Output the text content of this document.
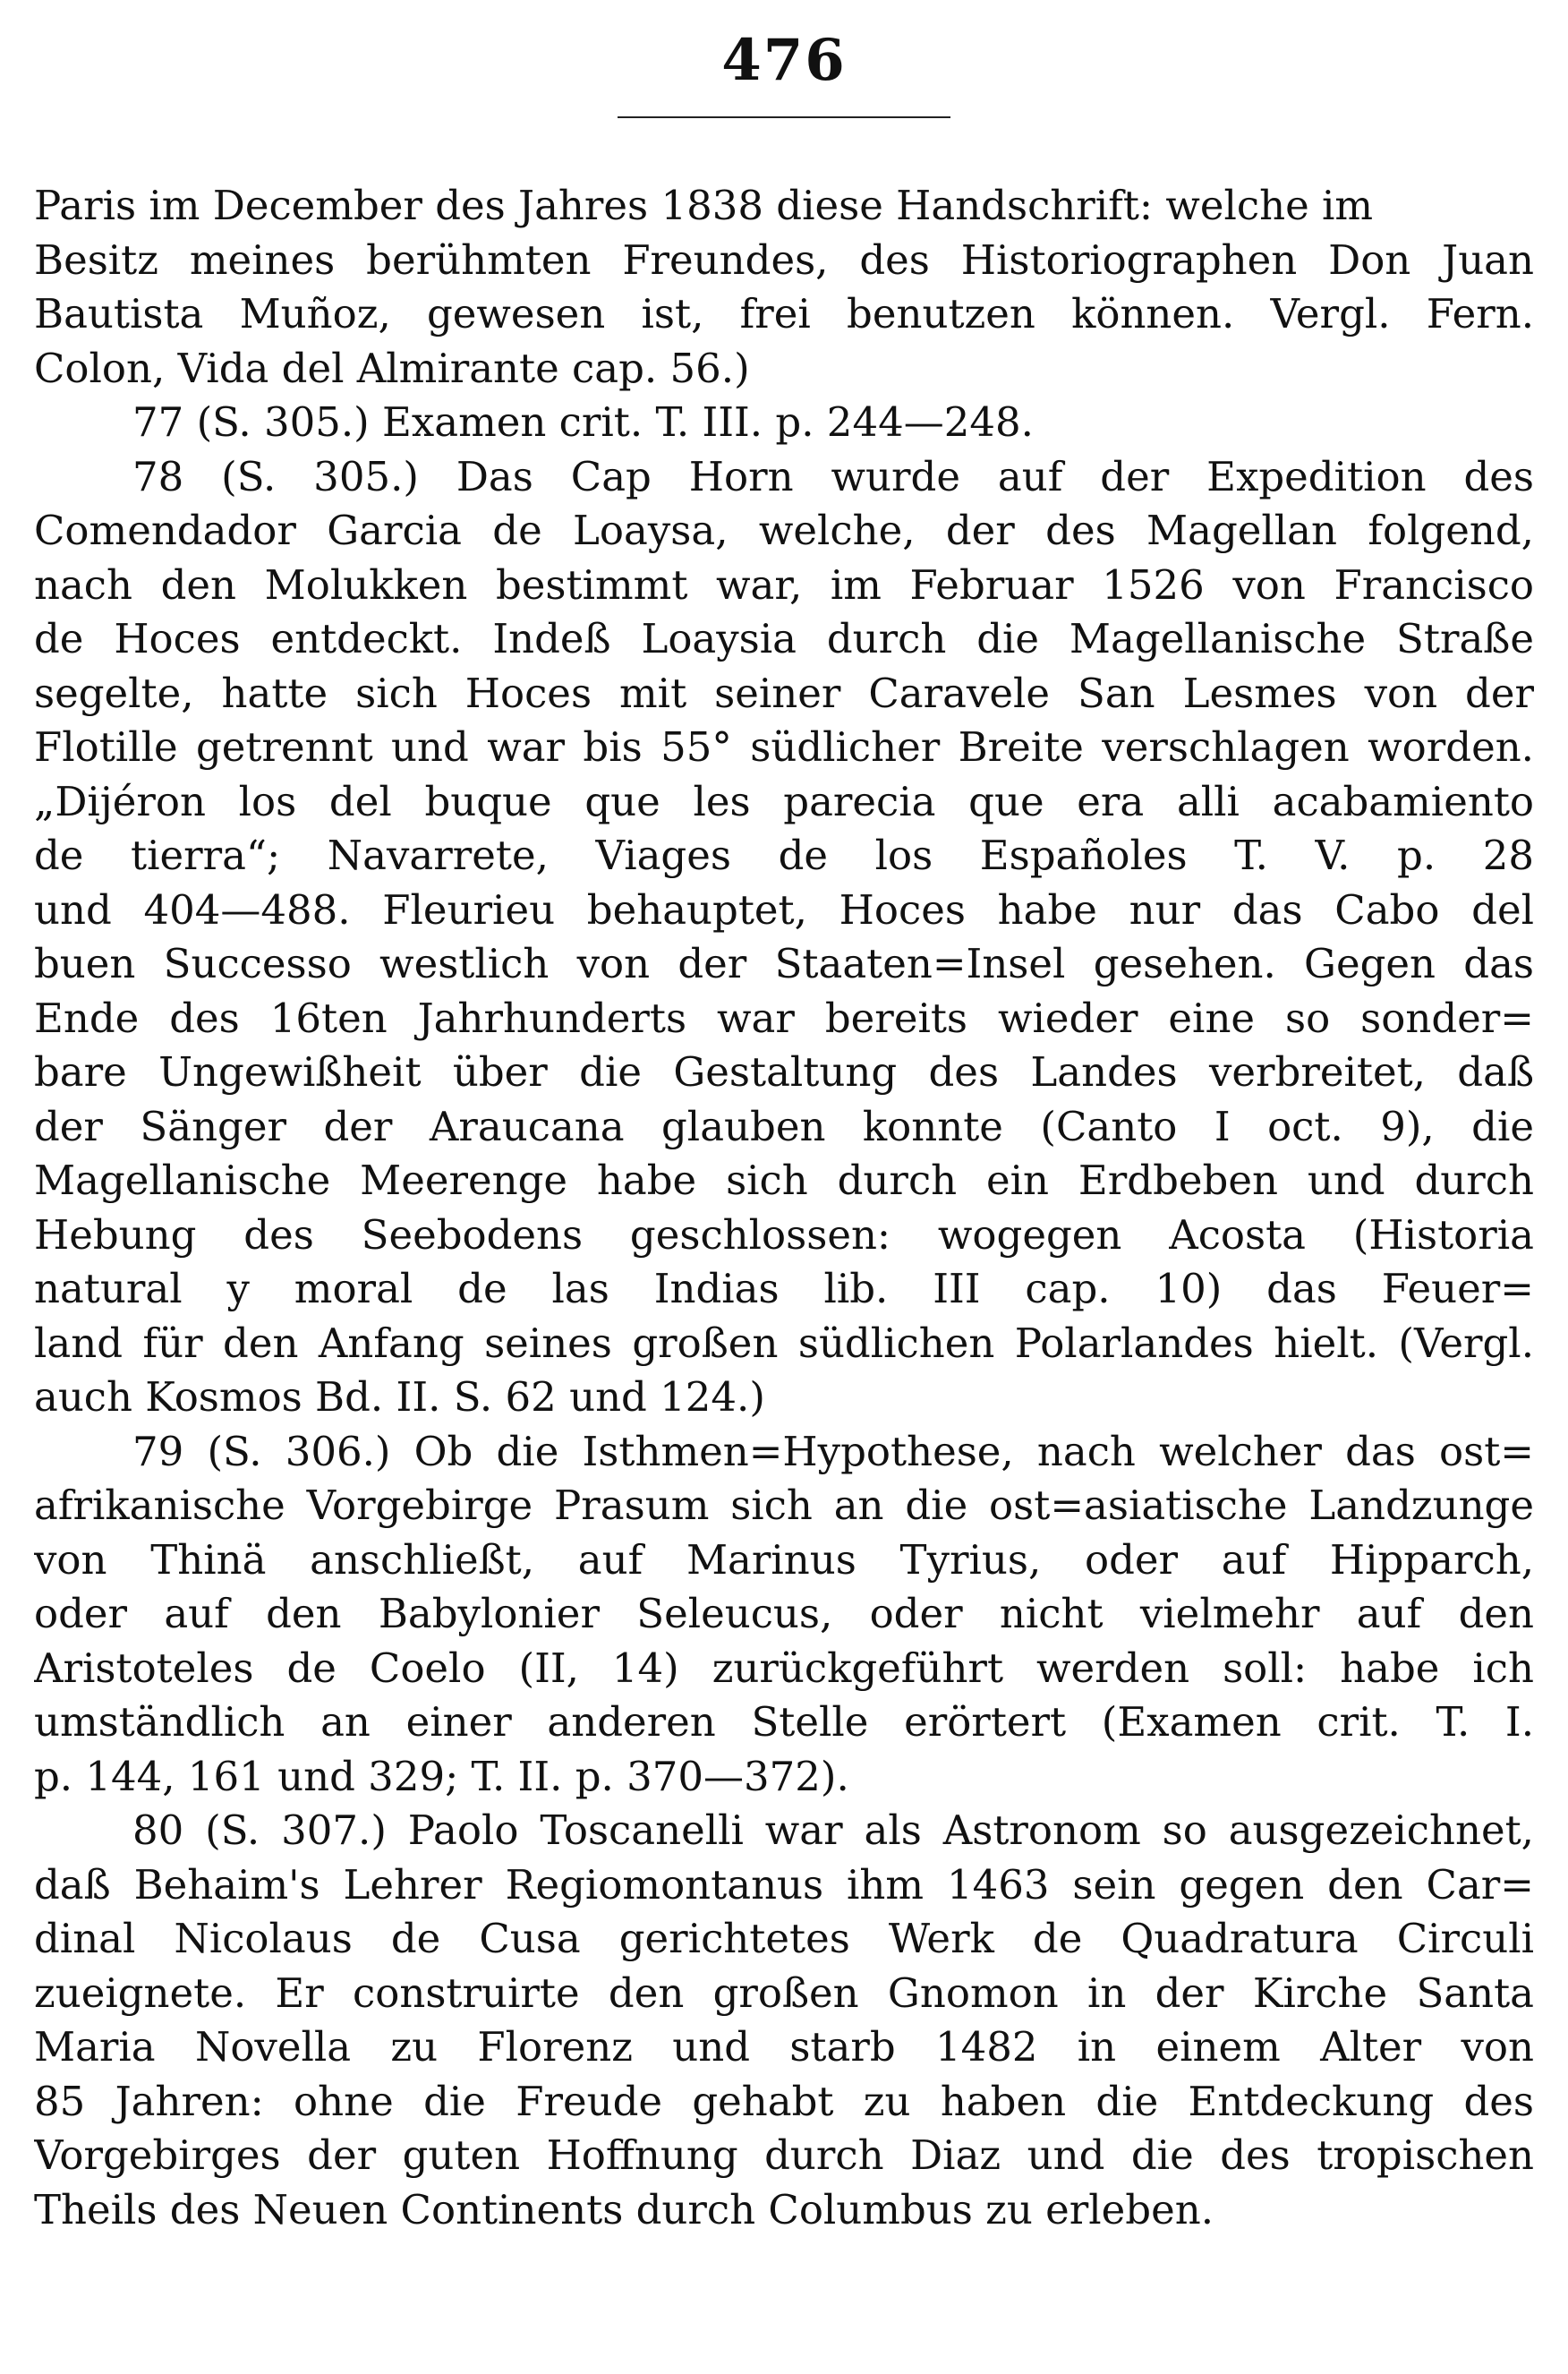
476
Paris im December des Jahres 1838 diese Handschrift: welche im
Besitz meines berühmten Freundes, des Historiographen Don Juan
Bautista Muñoz, gewesen ist, frei benutzen können. Vergl. Fern.
Colon, Vida del Almirante cap. 56.)
77 (S. 305.) Examen crit. T. III. p. 244—248.
78 (S. 305.) Das Cap Horn wurde auf der Expedition des
Comendador Garcia de Loaysa, welche, der des Magellan folgend,
nach den Molukken bestimmt war, im Februar 1526 von Francisco
de Hoces entdeckt. Indeß Loaysia durch die Magellanische Straße
segelte, hatte sich Hoces mit seiner Caravele San Lesmes von der
Flotille getrennt und war bis 55° südlicher Breite verschlagen worden.
„Dijéron los del buque que les parecia que era alli acabamiento
de tierra“; Navarrete, Viages de los Españoles T. V. p. 28
und 404—488. Fleurieu behauptet, Hoces habe nur das Cabo del
buen Successo westlich von der Staaten=Insel gesehen. Gegen das
Ende des 16ten Jahrhunderts war bereits wieder eine so sonder=
bare Ungewißheit über die Gestaltung des Landes verbreitet, daß
der Sänger der Araucana glauben konnte (Canto I oct. 9), die
Magellanische Meerenge habe sich durch ein Erdbeben und durch
Hebung des Seebodens geschlossen: wogegen Acosta (Historia
natural y moral de las Indias lib. III cap. 10) das Feuer=
land für den Anfang seines großen südlichen Polarlandes hielt. (Vergl.
auch Kosmos Bd. II. S. 62 und 124.)
79 (S. 306.) Ob die Isthmen=Hypothese, nach welcher das ost=
afrikanische Vorgebirge Prasum sich an die ost=asiatische Landzunge
von Thinä anschließt, auf Marinus Tyrius, oder auf Hipparch,
oder auf den Babylonier Seleucus, oder nicht vielmehr auf den
Aristoteles de Coelo (II, 14) zurückgeführt werden soll: habe ich
umständlich an einer anderen Stelle erörtert (Examen crit. T. I.
p. 144, 161 und 329; T. II. p. 370—372).
80 (S. 307.) Paolo Toscanelli war als Astronom so ausgezeichnet,
daß Behaim's Lehrer Regiomontanus ihm 1463 sein gegen den Car=
dinal Nicolaus de Cusa gerichtetes Werk de Quadratura Circuli
zueignete. Er construirte den großen Gnomon in der Kirche Santa
Maria Novella zu Florenz und starb 1482 in einem Alter von
85 Jahren: ohne die Freude gehabt zu haben die Entdeckung des
Vorgebirges der guten Hoffnung durch Diaz und die des tropischen
Theils des Neuen Continents durch Columbus zu erleben.
